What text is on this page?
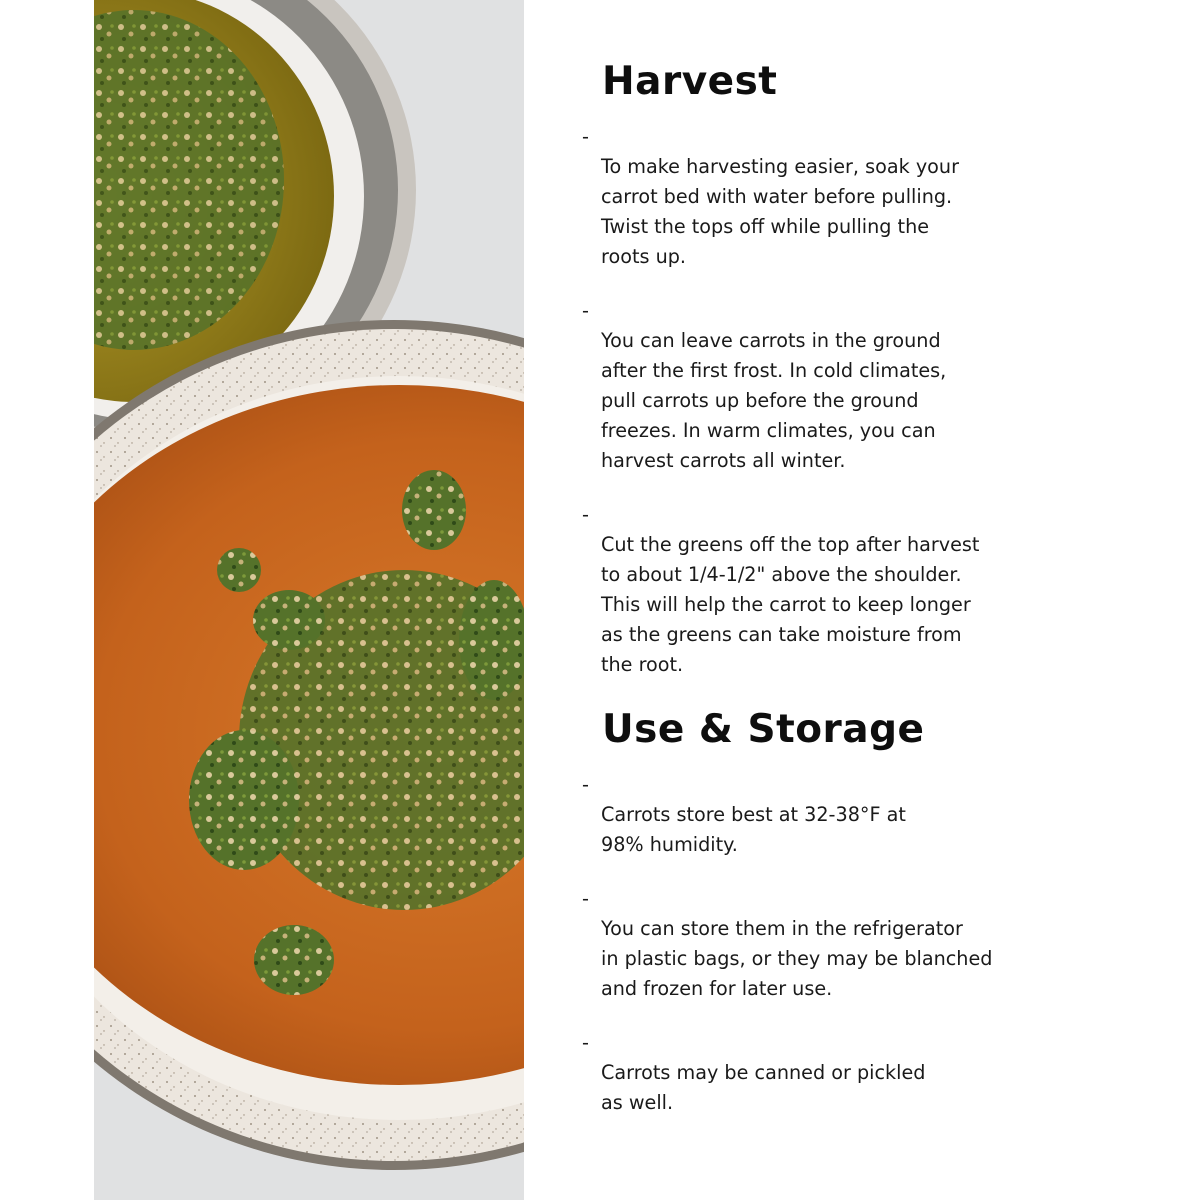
Harvest

-
To make harvesting easier, soak your
carrot bed with water before pulling.
Twist the tops off while pulling the
roots up.

-
You can leave carrots in the ground
after the first frost. In cold climates,
pull carrots up before the ground
freezes. In warm climates, you can
harvest carrots all winter.

-
Cut the greens off the top after harvest
to about 1/4-1/2" above the shoulder.
This will help the carrot to keep longer
as the greens can take moisture from
the root.

Use & Storage

-
Carrots store best at 32-38°F at
98% humidity.

-
You can store them in the refrigerator
in plastic bags, or they may be blanched
and frozen for later use.

-
Carrots may be canned or pickled
as well.
